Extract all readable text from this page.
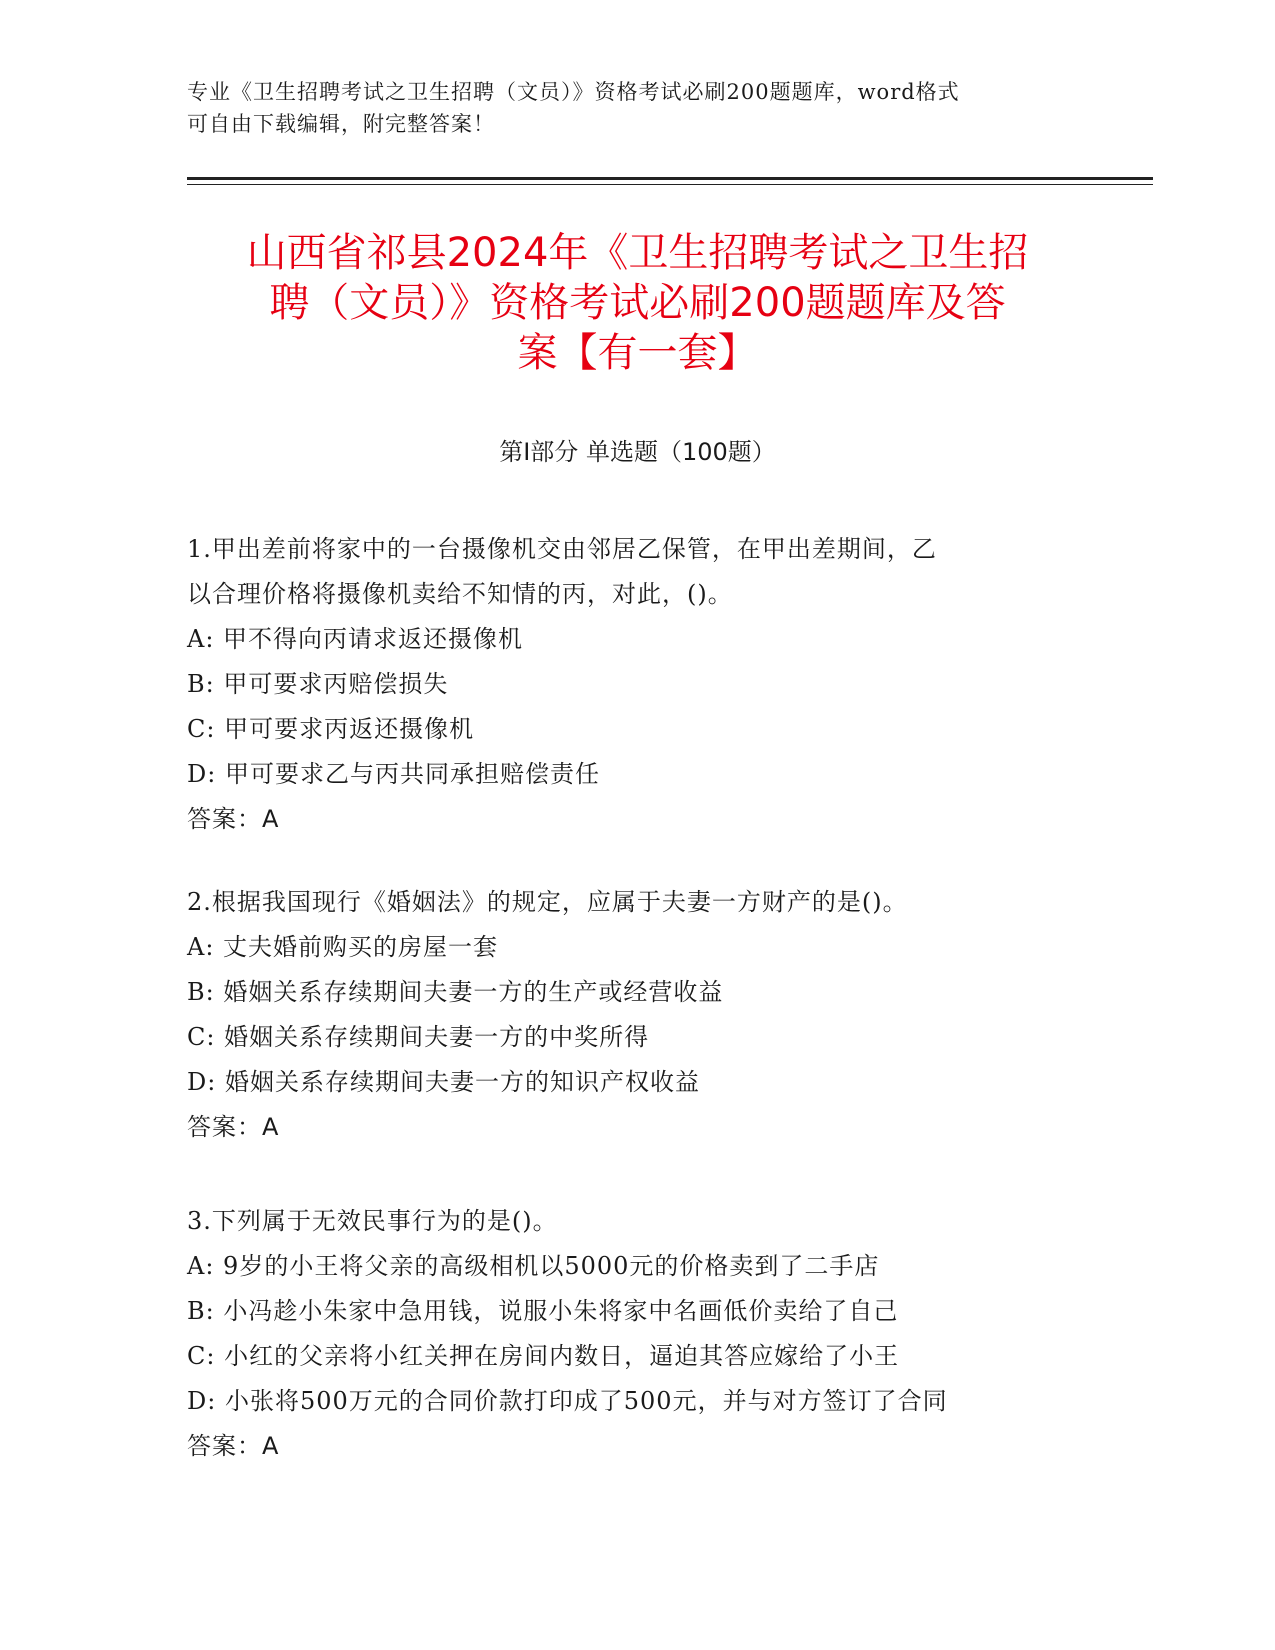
专业《卫生招聘考试之卫生招聘（文员）》资格考试必刷200题题库，word格式
可自由下载编辑，附完整答案！
山西省祁县2024年《卫生招聘考试之卫生招
聘（文员）》资格考试必刷200题题库及答
案【有一套】
第Ⅰ部分 单选题（100题）
1.甲出差前将家中的一台摄像机交由邻居乙保管，在甲出差期间，乙
以合理价格将摄像机卖给不知情的丙，对此，()。
A: 甲不得向丙请求返还摄像机
B: 甲可要求丙赔偿损失
C: 甲可要求丙返还摄像机
D: 甲可要求乙与丙共同承担赔偿责任
答案：A
2.根据我国现行《婚姻法》的规定，应属于夫妻一方财产的是()。
A: 丈夫婚前购买的房屋一套
B: 婚姻关系存续期间夫妻一方的生产或经营收益
C: 婚姻关系存续期间夫妻一方的中奖所得
D: 婚姻关系存续期间夫妻一方的知识产权收益
答案：A
3.下列属于无效民事行为的是()。
A: 9岁的小王将父亲的高级相机以5000元的价格卖到了二手店
B: 小冯趁小朱家中急用钱，说服小朱将家中名画低价卖给了自己
C: 小红的父亲将小红关押在房间内数日，逼迫其答应嫁给了小王
D: 小张将500万元的合同价款打印成了500元，并与对方签订了合同
答案：A
